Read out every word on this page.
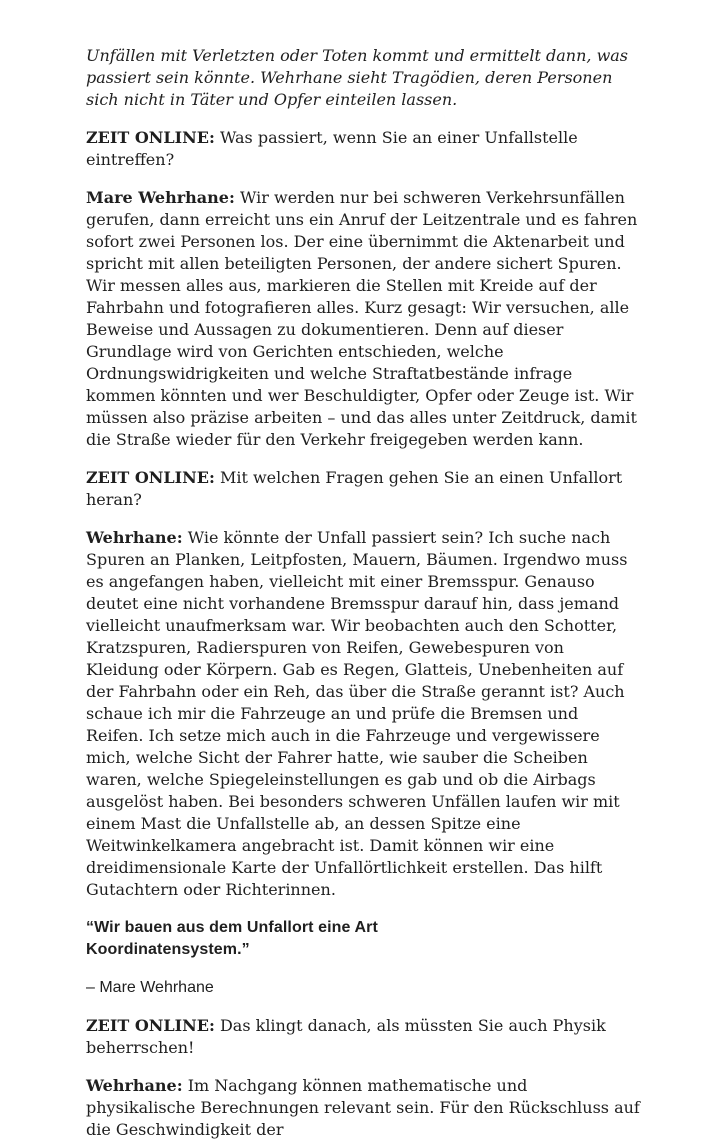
Unfällen mit Verletzten oder Toten kommt und ermittelt dann, was passiert sein könnte. Wehrhane sieht Tragödien, deren Personen sich nicht in Täter und Opfer einteilen lassen.

ZEIT ONLINE: Was passiert, wenn Sie an einer Unfallstelle eintreffen?

Mare Wehrhane: Wir werden nur bei schweren Verkehrsunfällen gerufen, dann erreicht uns ein Anruf der Leitzentrale und es fahren sofort zwei Personen los. Der eine übernimmt die Aktenarbeit und spricht mit allen beteiligten Personen, der andere sichert Spuren. Wir messen alles aus, markieren die Stellen mit Kreide auf der Fahrbahn und fotografieren alles. Kurz gesagt: Wir versuchen, alle Beweise und Aussagen zu dokumentieren. Denn auf dieser Grundlage wird von Gerichten entschieden, welche Ordnungswidrigkeiten und welche Straftatbestände infrage kommen könnten und wer Beschuldigter, Opfer oder Zeuge ist. Wir müssen also präzise arbeiten – und das alles unter Zeitdruck, damit die Straße wieder für den Verkehr freigegeben werden kann.

ZEIT ONLINE: Mit welchen Fragen gehen Sie an einen Unfallort heran?

Wehrhane: Wie könnte der Unfall passiert sein? Ich suche nach Spuren an Planken, Leitpfosten, Mauern, Bäumen. Irgendwo muss es angefangen haben, vielleicht mit einer Bremsspur. Genauso deutet eine nicht vorhandene Bremsspur darauf hin, dass jemand vielleicht unaufmerksam war. Wir beobachten auch den Schotter, Kratzspuren, Radierspuren von Reifen, Gewebespuren von Kleidung oder Körpern. Gab es Regen, Glatteis, Unebenheiten auf der Fahrbahn oder ein Reh, das über die Straße gerannt ist? Auch schaue ich mir die Fahrzeuge an und prüfe die Bremsen und Reifen. Ich setze mich auch in die Fahrzeuge und vergewissere mich, welche Sicht der Fahrer hatte, wie sauber die Scheiben waren, welche Spiegeleinstellungen es gab und ob die Airbags ausgelöst haben. Bei besonders schweren Unfällen laufen wir mit einem Mast die Unfallstelle ab, an dessen Spitze eine Weitwinkelkamera angebracht ist. Damit können wir eine dreidimensionale Karte der Unfallörtlichkeit erstellen. Das hilft Gutachtern oder Richterinnen.

“Wir bauen aus dem Unfallort eine Art Koordinatensystem.”

– Mare Wehrhane

ZEIT ONLINE: Das klingt danach, als müssten Sie auch Physik beherrschen!

Wehrhane: Im Nachgang können mathematische und physikalische Berechnungen relevant sein. Für den Rückschluss auf die Geschwindigkeit der
